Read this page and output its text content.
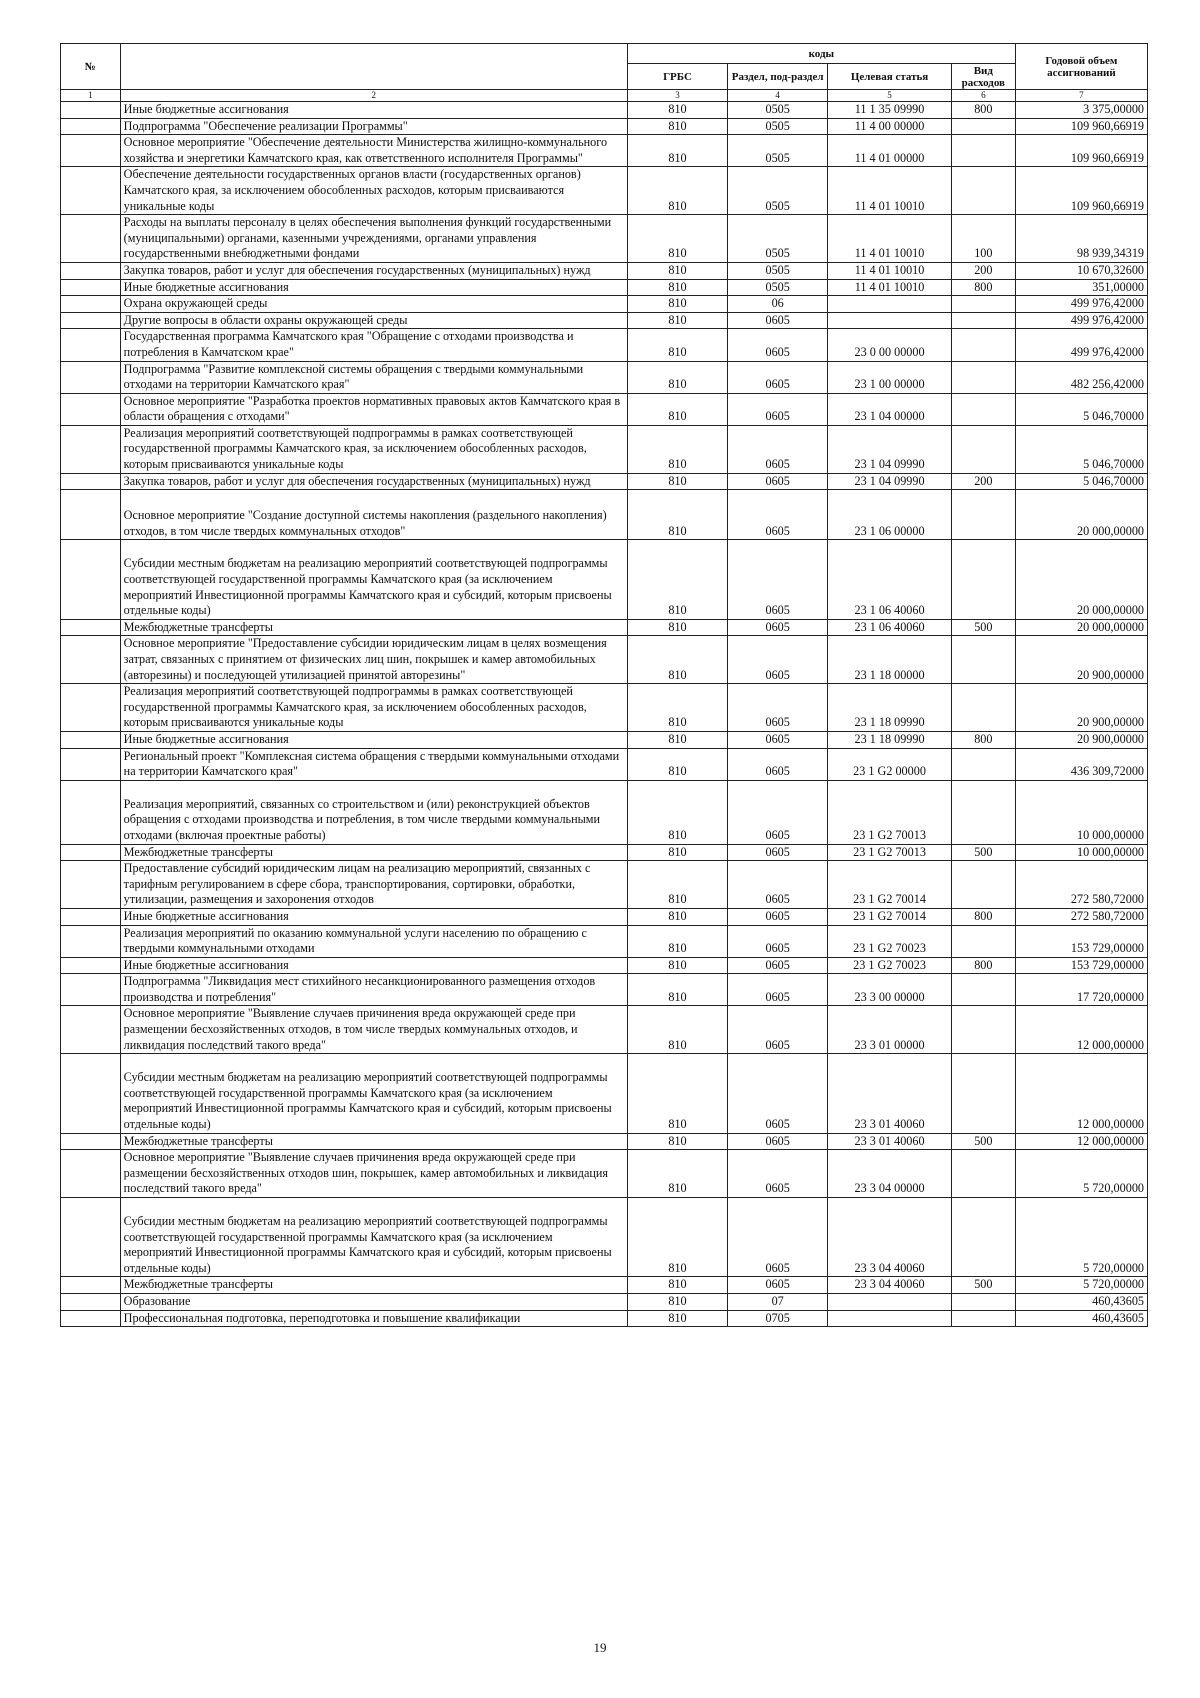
№		коды				Годовой объем ассигнований
		ГРБС	Раздел, под-раздел	Целевая статья	Вид расходов	
1	2	3	4	5	6	7
	Иные бюджетные ассигнования	810	0505	11 1 35 09990	800	3 375,00000
	Подпрограмма "Обеспечение реализации Программы"	810	0505	11 4 00 00000		109 960,66919
	Основное мероприятие "Обеспечение деятельности Министерства жилищно-коммунального хозяйства и энергетики Камчатского края, как ответственного исполнителя Программы"	810	0505	11 4 01 00000		109 960,66919
	Обеспечение деятельности государственных органов власти (государственных органов) Камчатского края, за исключением обособленных расходов, которым присваиваются уникальные коды	810	0505	11 4 01 10010		109 960,66919
	Расходы на выплаты персоналу в целях обеспечения выполнения функций государственными (муниципальными) органами, казенными учреждениями, органами управления государственными внебюджетными фондами	810	0505	11 4 01 10010	100	98 939,34319
	Закупка товаров, работ и услуг для обеспечения государственных (муниципальных) нужд	810	0505	11 4 01 10010	200	10 670,32600
	Иные бюджетные ассигнования	810	0505	11 4 01 10010	800	351,00000
	Охрана окружающей среды	810	06			499 976,42000
	Другие вопросы в области охраны окружающей среды	810	0605			499 976,42000
	Государственная программа Камчатского края "Обращение с отходами производства и потребления в Камчатском крае"	810	0605	23 0 00 00000		499 976,42000
	Подпрограмма "Развитие комплексной системы обращения с твердыми коммунальными отходами на территории Камчатского края"	810	0605	23 1 00 00000		482 256,42000
	Основное мероприятие "Разработка проектов нормативных правовых актов Камчатского края в области обращения с отходами"	810	0605	23 1 04 00000		5 046,70000
	Реализация мероприятий соответствующей подпрограммы в рамках соответствующей государственной программы Камчатского края, за исключением обособленных расходов, которым присваиваются уникальные коды	810	0605	23 1 04 09990		5 046,70000
	Закупка товаров, работ и услуг для обеспечения государственных (муниципальных) нужд	810	0605	23 1 04 09990	200	5 046,70000
	Основное мероприятие "Создание доступной системы накопления (раздельного накопления) отходов, в том числе твердых коммунальных отходов"	810	0605	23 1 06 00000		20 000,00000
	Субсидии местным бюджетам на реализацию мероприятий соответствующей подпрограммы соответствующей государственной программы Камчатского края (за исключением мероприятий Инвестиционной программы Камчатского края и субсидий, которым присвоены отдельные коды)	810	0605	23 1 06 40060		20 000,00000
	Межбюджетные трансферты	810	0605	23 1 06 40060	500	20 000,00000
	Основное мероприятие "Предоставление субсидии юридическим лицам в целях возмещения затрат, связанных с принятием от физических лиц шин, покрышек и камер автомобильных (авторезины) и последующей утилизацией принятой авторезины"	810	0605	23 1 18 00000		20 900,00000
	Реализация мероприятий соответствующей подпрограммы в рамках соответствующей государственной программы Камчатского края, за исключением обособленных расходов, которым присваиваются уникальные коды	810	0605	23 1 18 09990		20 900,00000
	Иные бюджетные ассигнования	810	0605	23 1 18 09990	800	20 900,00000
	Региональный проект "Комплексная система обращения с твердыми коммунальными отходами на территории Камчатского края"	810	0605	23 1 G2 00000		436 309,72000
	Реализация мероприятий, связанных со строительством и (или) реконструкцией объектов обращения с отходами производства и потребления, в том числе твердыми коммунальными отходами (включая проектные работы)	810	0605	23 1 G2 70013		10 000,00000
	Межбюджетные трансферты	810	0605	23 1 G2 70013	500	10 000,00000
	Предоставление субсидий юридическим лицам на реализацию мероприятий, связанных с тарифным регулированием в сфере сбора, транспортирования, сортировки, обработки, утилизации, размещения и захоронения отходов	810	0605	23 1 G2 70014		272 580,72000
	Иные бюджетные ассигнования	810	0605	23 1 G2 70014	800	272 580,72000
	Реализация мероприятий по оказанию коммунальной услуги населению по обращению с твердыми коммунальными отходами	810	0605	23 1 G2 70023		153 729,00000
	Иные бюджетные ассигнования	810	0605	23 1 G2 70023	800	153 729,00000
	Подпрограмма "Ликвидация мест стихийного несанкционированного размещения отходов производства и потребления"	810	0605	23 3 00 00000		17 720,00000
	Основное мероприятие "Выявление случаев причинения вреда окружающей среде при размещении бесхозяйственных отходов, в том числе твердых коммунальных отходов, и ликвидация последствий такого вреда"	810	0605	23 3 01 00000		12 000,00000
	Субсидии местным бюджетам на реализацию мероприятий соответствующей подпрограммы соответствующей государственной программы Камчатского края (за исключением мероприятий Инвестиционной программы Камчатского края и субсидий, которым присвоены отдельные коды)	810	0605	23 3 01 40060		12 000,00000
	Межбюджетные трансферты	810	0605	23 3 01 40060	500	12 000,00000
	Основное мероприятие "Выявление случаев причинения вреда окружающей среде при размещении бесхозяйственных отходов шин, покрышек, камер автомобильных и ликвидация последствий такого вреда"	810	0605	23 3 04 00000		5 720,00000
	Субсидии местным бюджетам на реализацию мероприятий соответствующей подпрограммы соответствующей государственной программы Камчатского края (за исключением мероприятий Инвестиционной программы Камчатского края и субсидий, которым присвоены отдельные коды)	810	0605	23 3 04 40060		5 720,00000
	Межбюджетные трансферты	810	0605	23 3 04 40060	500	5 720,00000
	Образование	810	07			460,43605
	Профессиональная подготовка, переподготовка и повышение квалификации	810	0705			460,43605
19
